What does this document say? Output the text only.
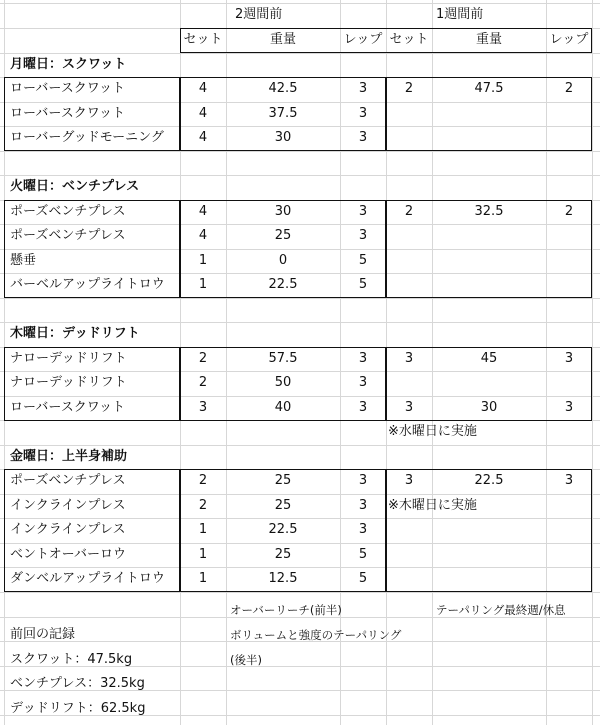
2週間前	1週間前
セット	重量	レップ セット	重量	レップ
月曜日：スクワット
ローバースクワット	4	42.5	3	2	47.5	2
ローバースクワット	4	37.5	3
ローバーグッドモーニング	4	30	3
火曜日：ベンチプレス
ポーズベンチプレス	4	30	3	2	32.5	2
ポーズベンチプレス	4	25	3
懸垂	1	0	5
バーベルアップライトロウ	1	22.5	5
木曜日：デッドリフト
ナローデッドリフト	2	57.5	3	3	45	3
ナローデッドリフト	2	50	3
ローバースクワット	3	40	3	3	30	3
※水曜日に実施
金曜日：上半身補助
ポーズベンチプレス	2	25	3	3	22.5	3
インクラインプレス	2	25	3	※木曜日に実施
インクラインプレス	1	22.5	3
ベントオーバーロウ	1	25	5
ダンベルアップライトロウ	1	12.5	5
オーバーリーチ(前半)	テーパリング最終週/休息
前回の記録	ボリュームと強度のテーパリング
スクワット：47.5kg	(後半)
ベンチプレス：32.5kg
デッドリフト：62.5kg
